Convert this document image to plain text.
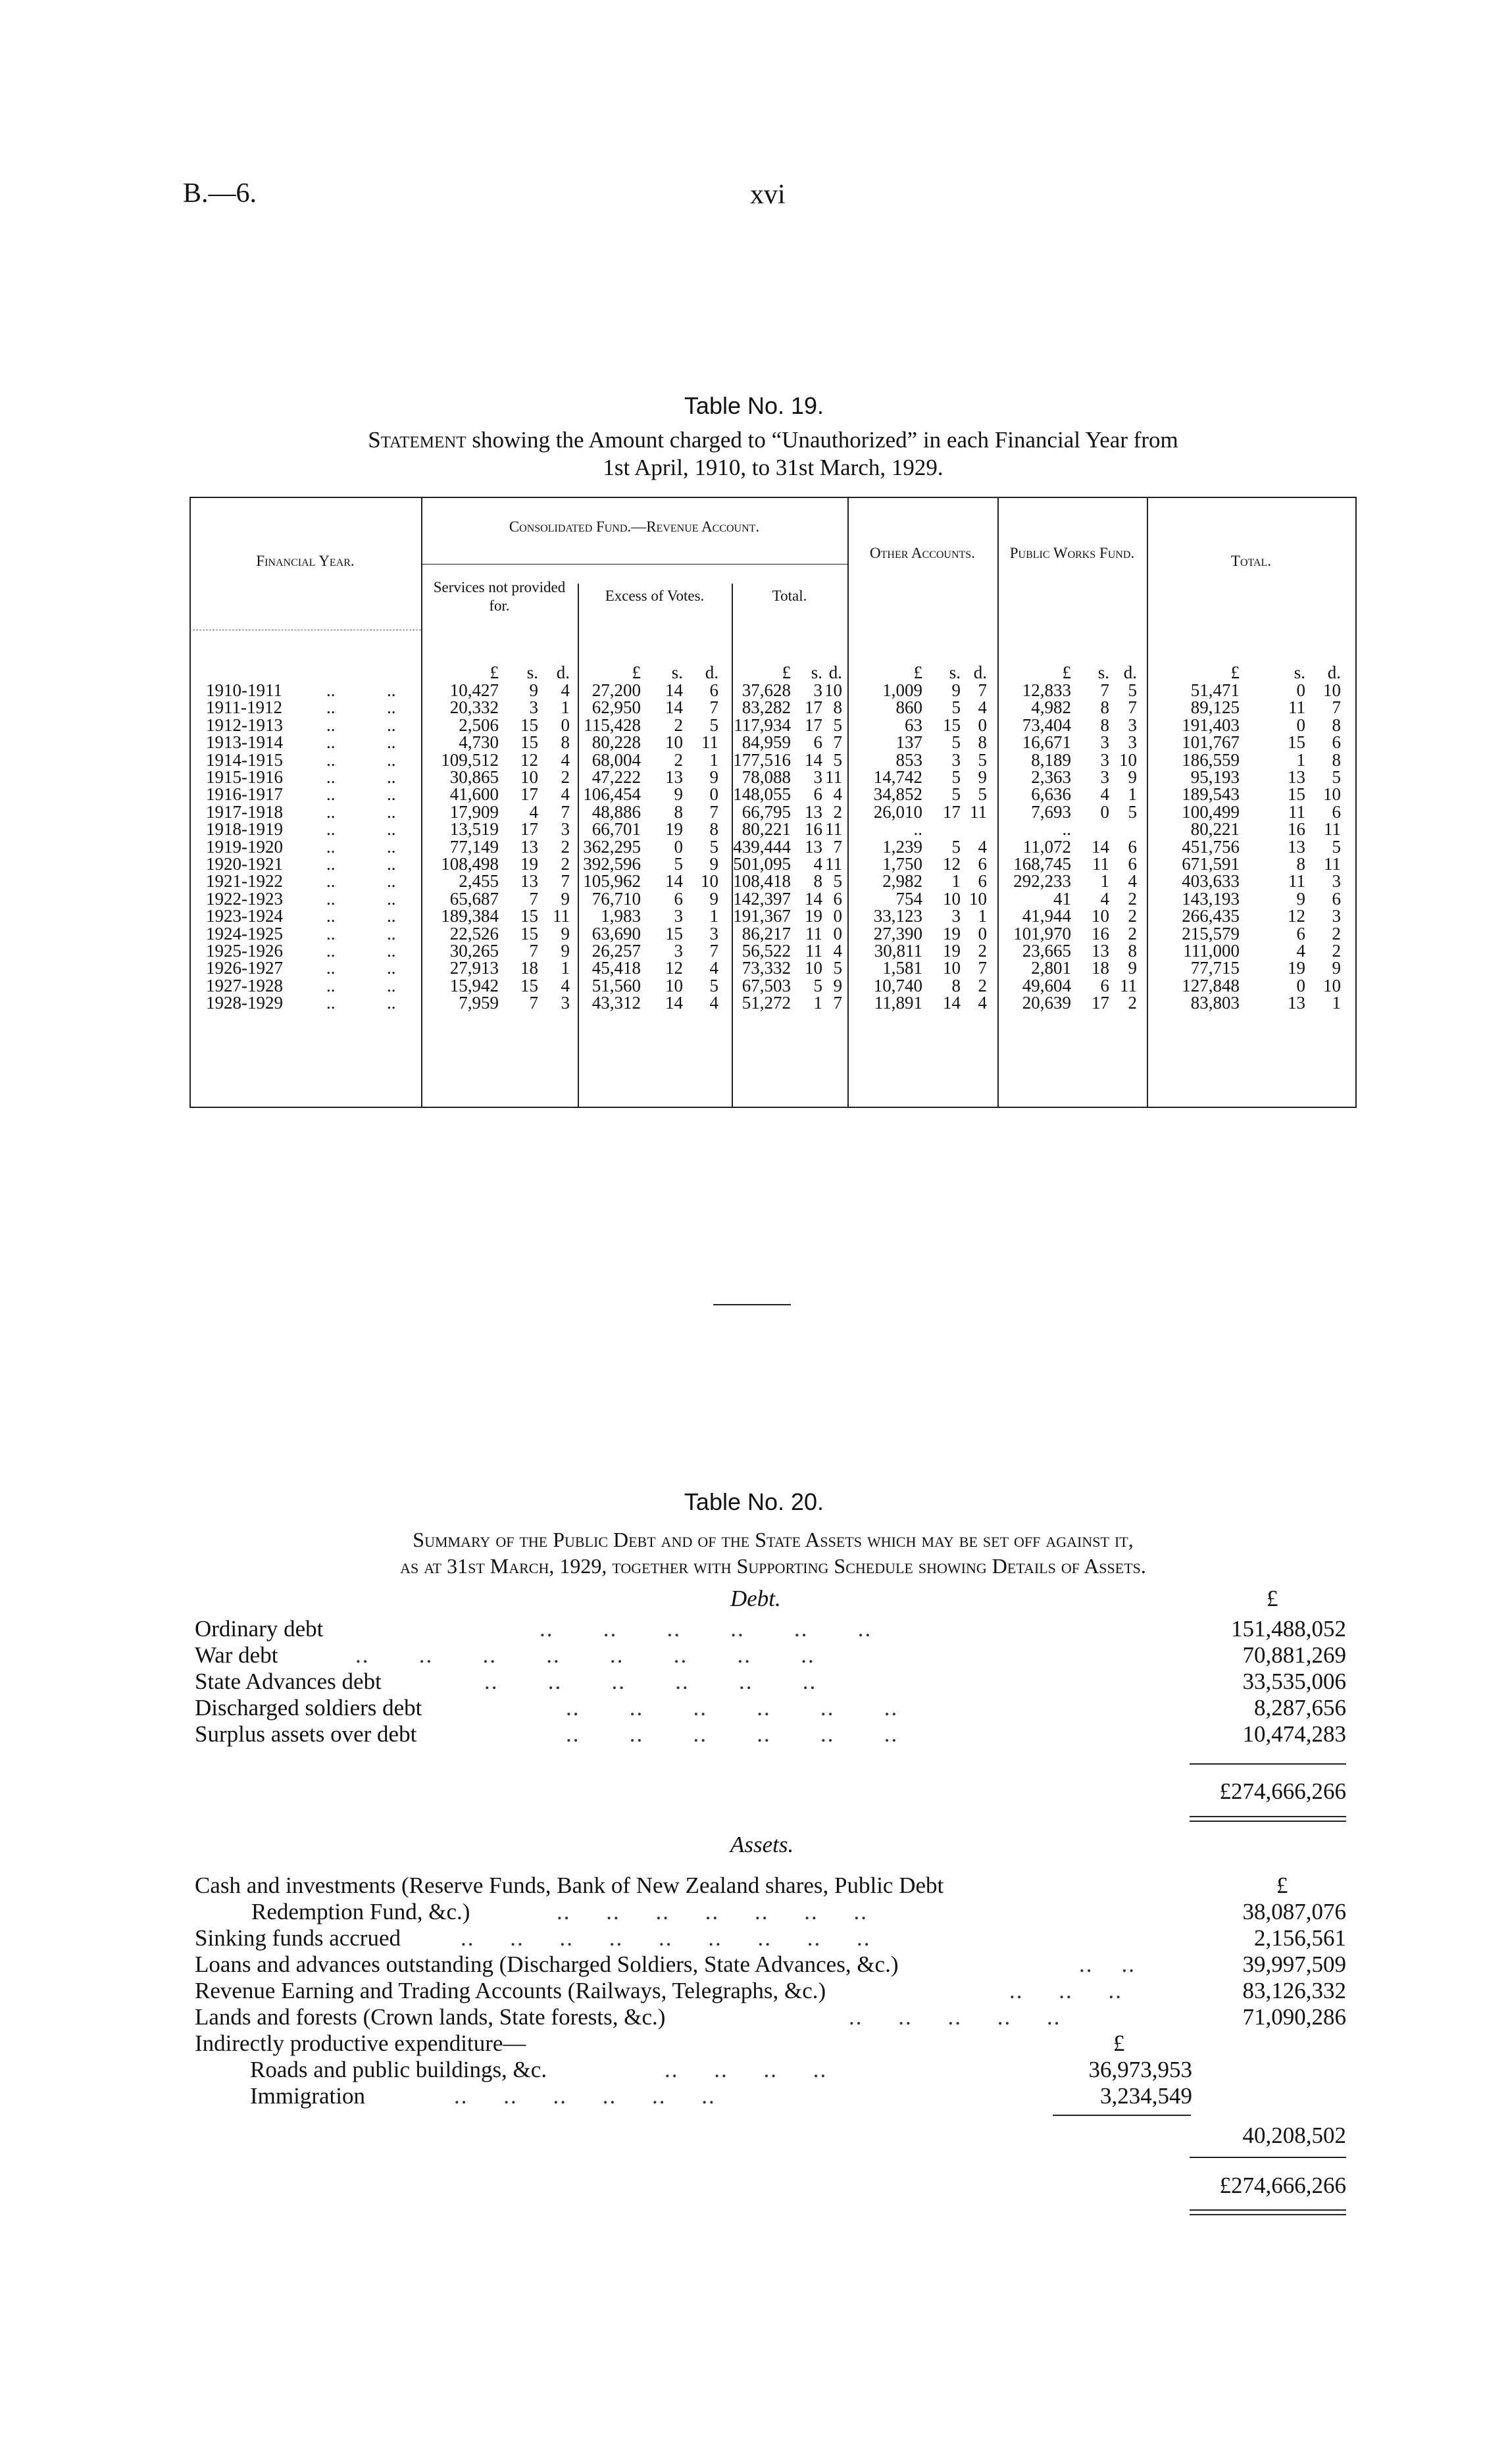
B.—6.	xvi
Table No. 19.
Statement showing the Amount charged to “Unauthorized” in each Financial Year from
1st April, 1910, to 31st March, 1929.
Financial Year.
Consolidated Fund.—Revenue Account.
Services not provided for.
Excess of Votes.	Total.
Other Accounts.	Public Works Fund.	Total.
£	s.	d.	£	s.	d.	£	s. d.	£	s. d.	£	s. d.	£	s.	d.
1910-1911 ..	..	10,427	9	4	27,200	14	6	37,628	3 10	1,009	9 7	12,833	7	5	51,471	0	10
1911-1912 ..	..	20,332	3	1	62,950	14	7	83,282 17 8	860	5 4	4,982	8	7	89,125	11	7
1912-1913 ..	..	2,506	15	0 115,428	2	5 117,934 17 5	63	15 0	73,404	8	3	191,403	0	8
1913-1914 ..	..	4,730	15	8	80,228	10	11	84,959	6 7	137	5 8	16,671	3	3	101,767	15	6
1914-1915 ..	..	109,512	12	4	68,004	2	1 177,516 14 5	853	3 5	8,189	3 10	186,559	1	8
1915-1916 ..	..	30,865	10	2	47,222	13	9	78,088	3 11	14,742	5 9	2,363	3	9	95,193	13	5
1916-1917 ..	..	41,600	17	4 106,454	9	0 148,055	6 4	34,852	5 5	6,636	4	1	189,543	15	10
1917-1918 ..	..	17,909	4	7	48,886	8	7	66,795 13 2	26,010	17 11	7,693	0	5	100,499	11	6
1918-1919 ..	..	13,519	17	3	66,701	19	8	80,221 16 11	..	..	80,221	16	11
1919-1920 ..	..	77,149	13	2 362,295	0	5 439,444 13 7	1,239	5 4	11,072	14	6	451,756	13	5
1920-1921 ..	..	108,498	19	2 392,596	5	9 501,095	4 11	1,750	12 6	168,745	11	6	671,591	8	11
1921-1922 ..	..	2,455	13	7 105,962	14	10 108,418	8 5	2,982	1 6	292,233	1	4	403,633	11	3
1922-1923 ..	..	65,687	7	9	76,710	6	9 142,397 14 6	754	10 10	41	4	2	143,193	9	6
1923-1924 ..	..	189,384	15 11	1,983	3	1 191,367 19 0	33,123	3 1	41,944	10	2	266,435	12	3
1924-1925 ..	..	22,526	15	9	63,690	15	3	86,217 11 0	27,390	19 0	101,970	16	2	215,579	6	2
1925-1926 ..	..	30,265	7	9	26,257	3	7	56,522 11 4	30,811	19 2	23,665	13	8	111,000	4	2
1926-1927 ..	..	27,913	18	1	45,418	12	4	73,332 10 5	1,581	10 7	2,801	18	9	77,715	19	9
1927-1928 ..	..	15,942	15	4	51,560	10	5	67,503	5 9	10,740	8 2	49,604	6 11	127,848	0	10
1928-1929 ..	..	7,959	7	3	43,312	14	4	51,272	1 7	11,891	14 4	20,639	17	2	83,803	13	1
Table No. 20.
Summary of the Public Debt and of the State Assets which may be set off against it,
as at 31st March, 1929, together with Supporting Schedule showing Details of Assets.
Debt.	£
Ordinary debt	..       ..       ..       ..       ..       ..	151,488,052
War debt	..       ..       ..       ..       ..       ..       ..       ..	70,881,269
State Advances debt	..       ..       ..       ..       ..       ..	33,535,006
Discharged soldiers debt	..       ..       ..       ..       ..       ..	8,287,656
Surplus assets over debt	..       ..       ..       ..       ..       ..	10,474,283
£274,666,266
Assets.
Cash and investments (Reserve Funds, Bank of New Zealand shares, Public Debt	£
Redemption Fund, &c.)	..     ..     ..     ..     ..     ..     ..	38,087,076
Sinking funds accrued	..     ..     ..     ..     ..     ..     ..     ..     ..	2,156,561
Loans and advances outstanding (Discharged Soldiers, State Advances, &c.)	..    ..	39,997,509
Revenue Earning and Trading Accounts (Railways, Telegraphs, &c.)	..     ..     ..	83,126,332
Lands and forests (Crown lands, State forests, &c.)	..     ..     ..     ..     ..	71,090,286
Indirectly productive expenditure—	£
Roads and public buildings, &c.	..     ..     ..     ..	36,973,953
Immigration	..     ..     ..     ..     ..     ..	3,234,549
40,208,502
£274,666,266
